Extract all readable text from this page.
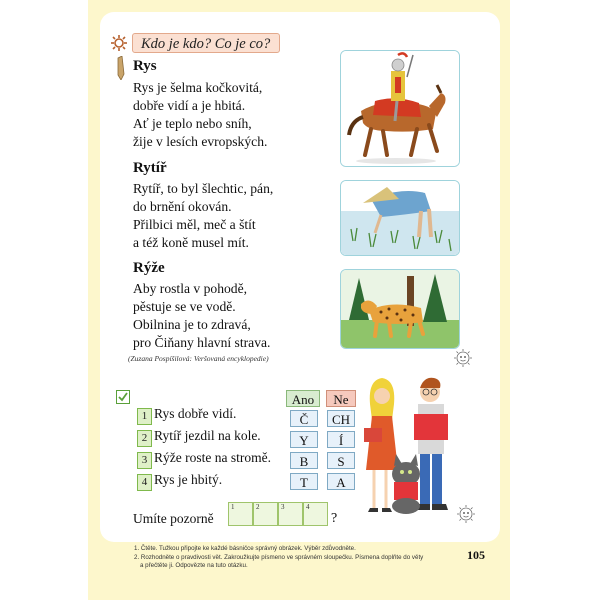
Kdo je kdo? Co je co?
Rys
Rys je šelma kočkovitá,
dobře vidí a je hbitá.
Ať je teplo nebo sníh,
žije v lesích evropských.
Rytíř
Rytíř, to byl šlechtic, pán,
do brnění okován.
Přilbici měl, meč a štít
a též koně musel mít.
Rýže
Aby rostla v pohodě,
pěstuje se ve vodě.
Obilnina je to zdravá,
pro Čiňany hlavní strava.
(Zuzana Pospíšilová: Veršovaná encyklopedie)
1 Rys dobře vidí.
2 Rytíř jezdil na kole.
3 Rýže roste na stromě.
4 Rys je hbitý.
Ano	Ne
Č	CH
Y	Í
B	S
T	A
Umíte pozorně
1	2	3	4
?
1. Čtěte. Tužkou připojte ke každé básničce správný obrázek. Výběr zdůvodněte.
2. Rozhodněte o pravdivosti vět. Zakroužkujte písmeno ve správném sloupečku. Písmena doplňte do věty
a přečtěte ji. Odpovězte na tuto otázku.
105
